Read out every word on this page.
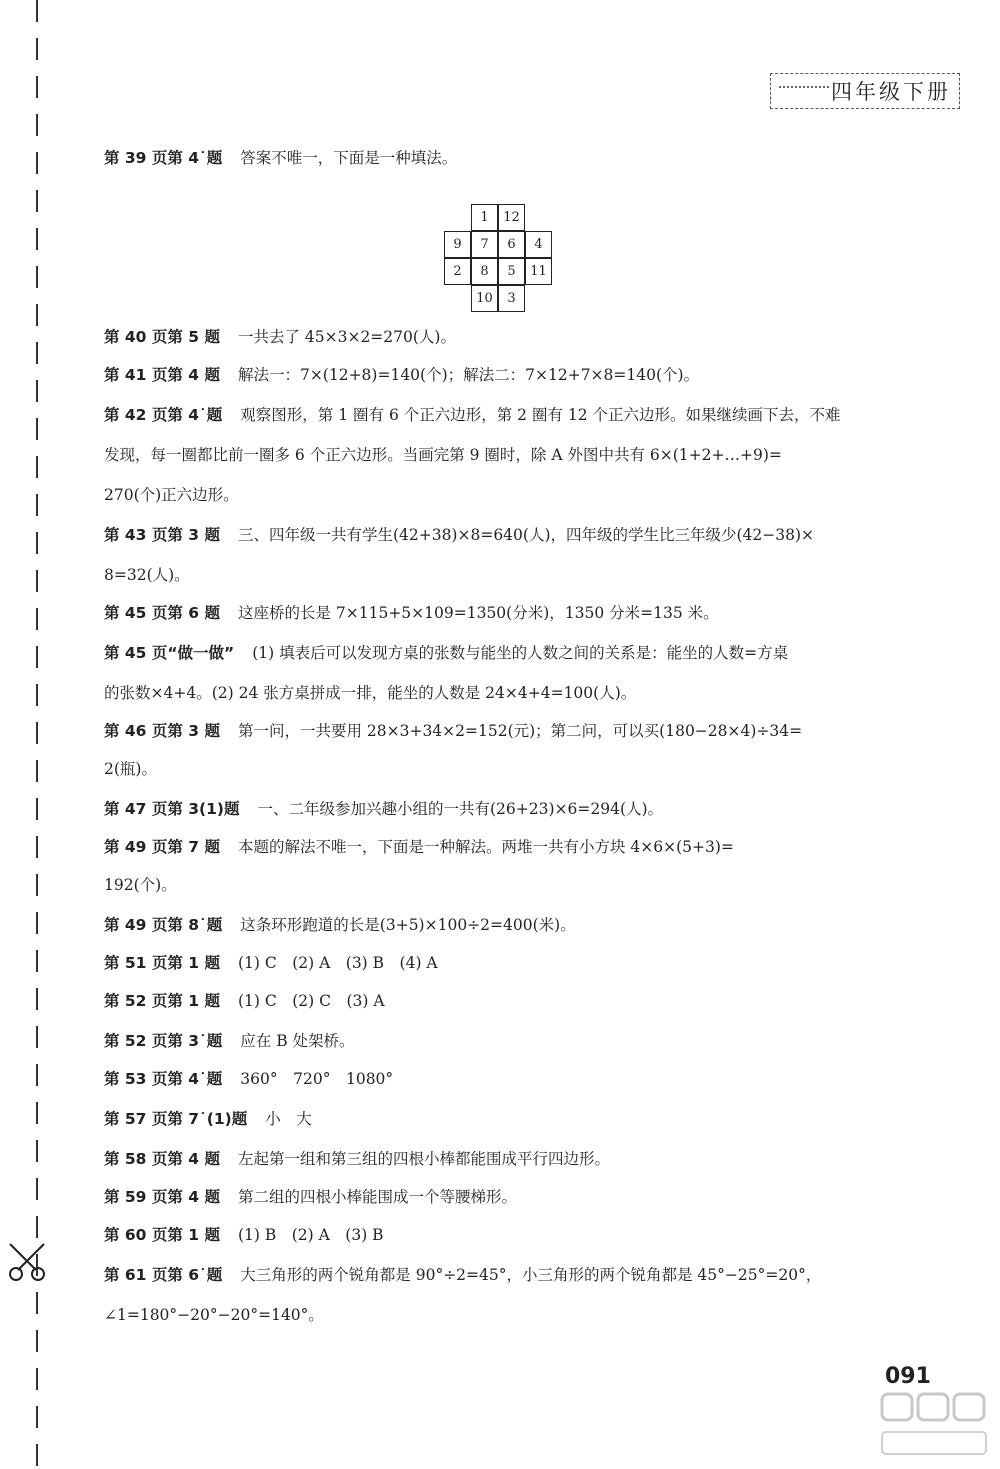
四年级下册
第 39 页第 4˙题 答案不唯一，下面是一种填法。
1	12
9	7	6	4
2	8	5	11
10	3
第 40 页第 5 题 一共去了 45×3×2=270(人)。
第 41 页第 4 题 解法一：7×(12+8)=140(个)；解法二：7×12+7×8=140(个)。
第 42 页第 4˙题 观察图形，第 1 圈有 6 个正六边形，第 2 圈有 12 个正六边形。如果继续画下去，不难
发现，每一圈都比前一圈多 6 个正六边形。当画完第 9 圈时，除 A 外图中共有 6×(1+2+…+9)=
270(个)正六边形。
第 43 页第 3 题 三、四年级一共有学生(42+38)×8=640(人)，四年级的学生比三年级少(42−38)×
8=32(人)。
第 45 页第 6 题 这座桥的长是 7×115+5×109=1350(分米)，1350 分米=135 米。
第 45 页“做一做” (1) 填表后可以发现方桌的张数与能坐的人数之间的关系是：能坐的人数=方桌
的张数×4+4。(2) 24 张方桌拼成一排，能坐的人数是 24×4+4=100(人)。
第 46 页第 3 题 第一问，一共要用 28×3+34×2=152(元)；第二问，可以买(180−28×4)÷34=
2(瓶)。
第 47 页第 3(1)题 一、二年级参加兴趣小组的一共有(26+23)×6=294(人)。
第 49 页第 7 题 本题的解法不唯一，下面是一种解法。两堆一共有小方块 4×6×(5+3)=
192(个)。
第 49 页第 8˙题 这条环形跑道的长是(3+5)×100÷2=400(米)。
第 51 页第 1 题 (1) C　(2) A　(3) B　(4) A
第 52 页第 1 题 (1) C　(2) C　(3) A
第 52 页第 3˙题 应在 B 处架桥。
第 53 页第 4˙题 360°　720°　1080°
第 57 页第 7˙(1)题 小　大
第 58 页第 4 题 左起第一组和第三组的四根小棒都能围成平行四边形。
第 59 页第 4 题 第二组的四根小棒能围成一个等腰梯形。
第 60 页第 1 题 (1) B　(2) A　(3) B
第 61 页第 6˙题 大三角形的两个锐角都是 90°÷2=45°，小三角形的两个锐角都是 45°−25°=20°，
∠1=180°−20°−20°=140°。
091
